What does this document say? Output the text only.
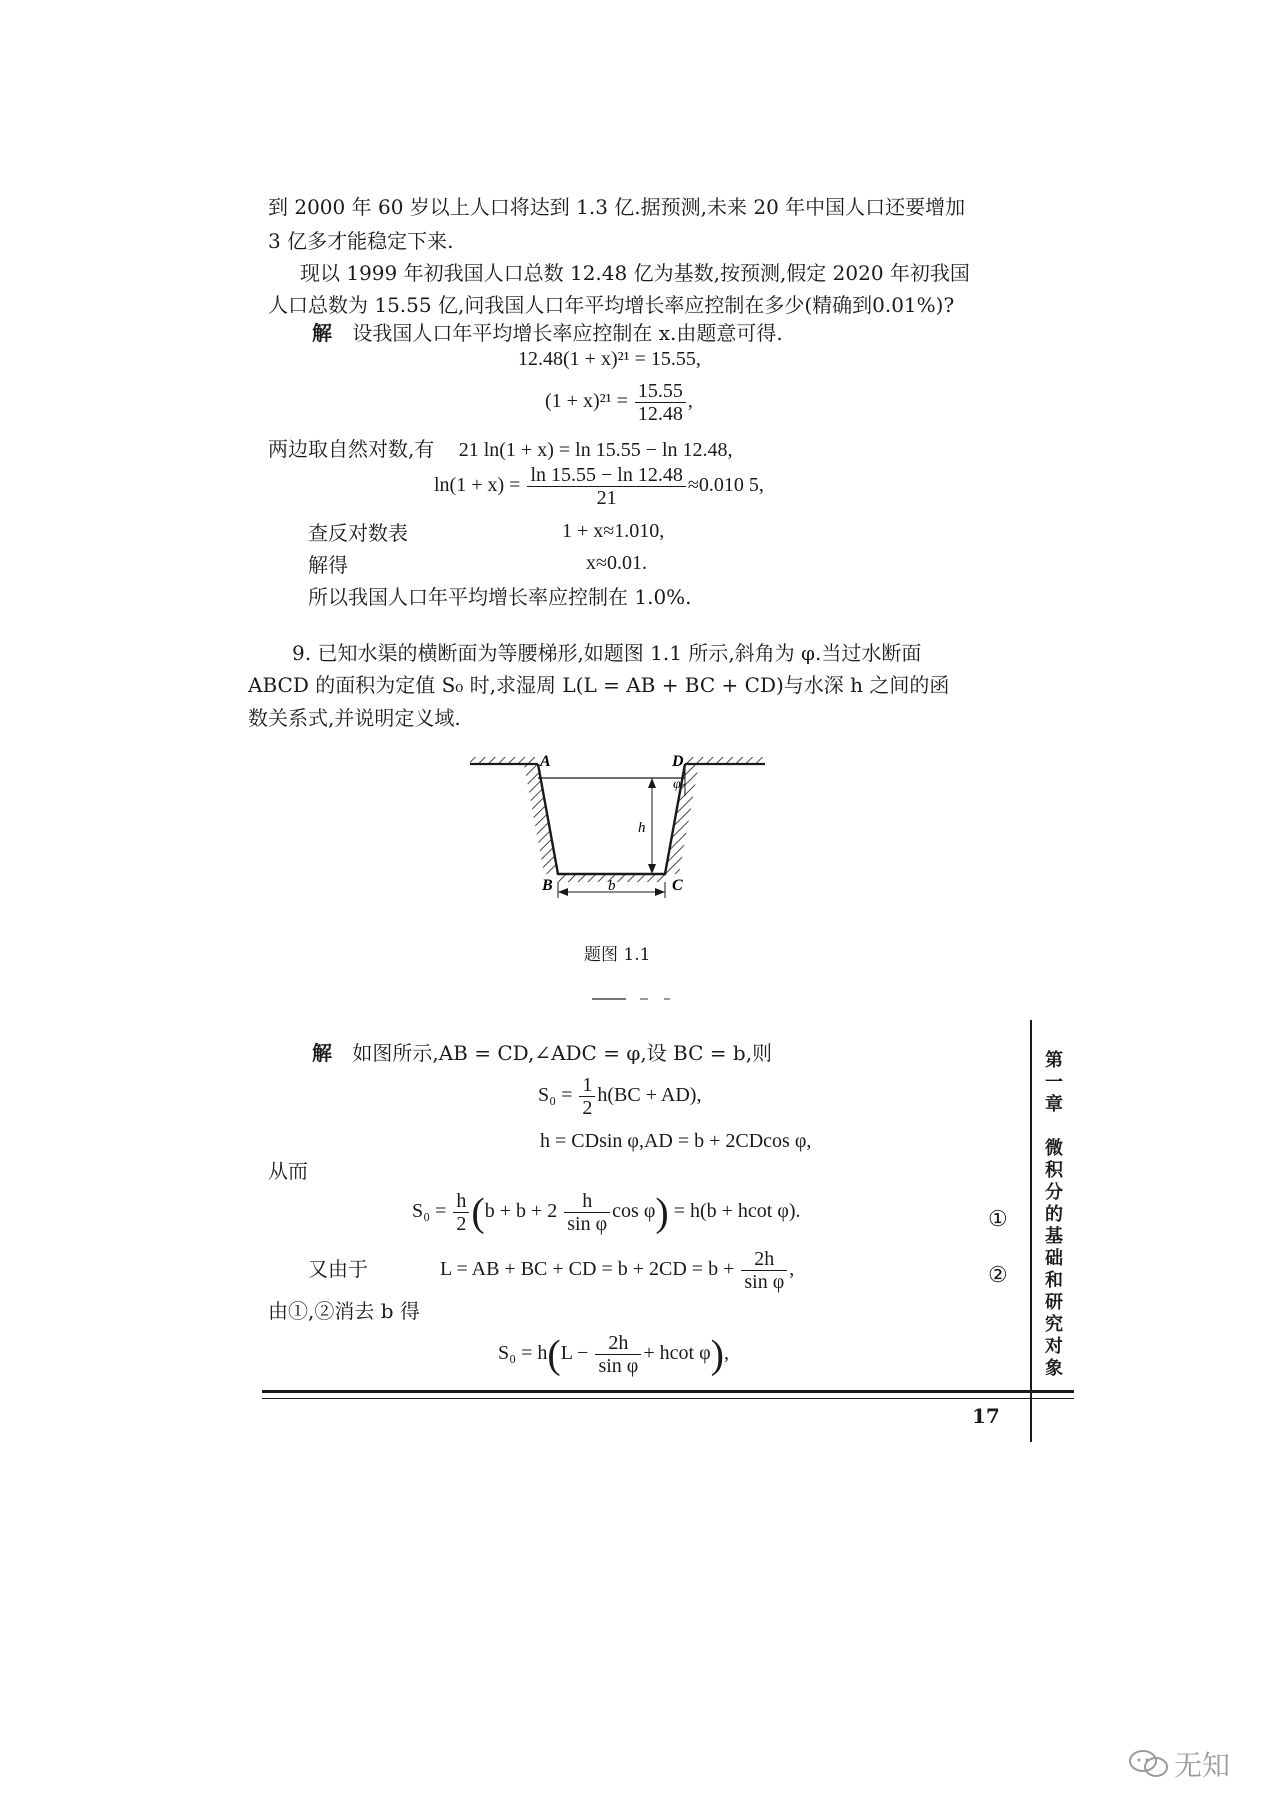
到 2000 年 60 岁以上人口将达到 1.3 亿.据预测,未来 20 年中国人口还要增加
3 亿多才能稳定下来.
现以 1999 年初我国人口总数 12.48 亿为基数,按预测,假定 2020 年初我国
人口总数为 15.55 亿,问我国人口年平均增长率应控制在多少(精确到0.01%)?
解 设我国人口年平均增长率应控制在 x.由题意可得.
12.48(1 + x)²¹ = 15.55,
$(1 + x)^{21} = \frac{15.55}{12.48}$ ,
两边取自然对数,有 21 ln(1 + x) = ln 15.55 − ln 12.48,
$\ln(1 + x) = \frac{\ln 15.55 - \ln 12.48}{21} \approx 0.010$ 5,
查反对数表	1 + x≈1.010,
解得	x≈0.01.
所以我国人口年平均增长率应控制在 1.0%.
9. 已知水渠的横断面为等腰梯形,如题图 1.1 所示,斜角为 φ.当过水断面
ABCD 的面积为定值 S₀ 时,求湿周 L(L = AB + BC + CD)与水深 h 之间的函
数关系式,并说明定义域.
A	D
B	C
h
φ
b
题图 1.1
解 如图所示,AB = CD,∠ADC = φ,设 BC = b,则
$S_0 = \frac{1}{2} h(BC + AD)$,
h = CDsin φ,AD = b + 2CDcos φ,
从而
$S_0 = \frac{h}{2} (b + b + 2 \frac{h}{\text{sin φ}}$ cos φ) = h(b + hcot φ).	①
又由于	L = AB + BC + CD = $b + 2CD = b + \frac{2h}{\text{sin φ}}$ ,	②
由①,②消去 b 得
$S_0 = h(L - \frac{2h}{\text{sin φ}} + hcot$ φ),
第
一
章
微
积
分
的
基
础
和
研
究
对
象
17
无知
